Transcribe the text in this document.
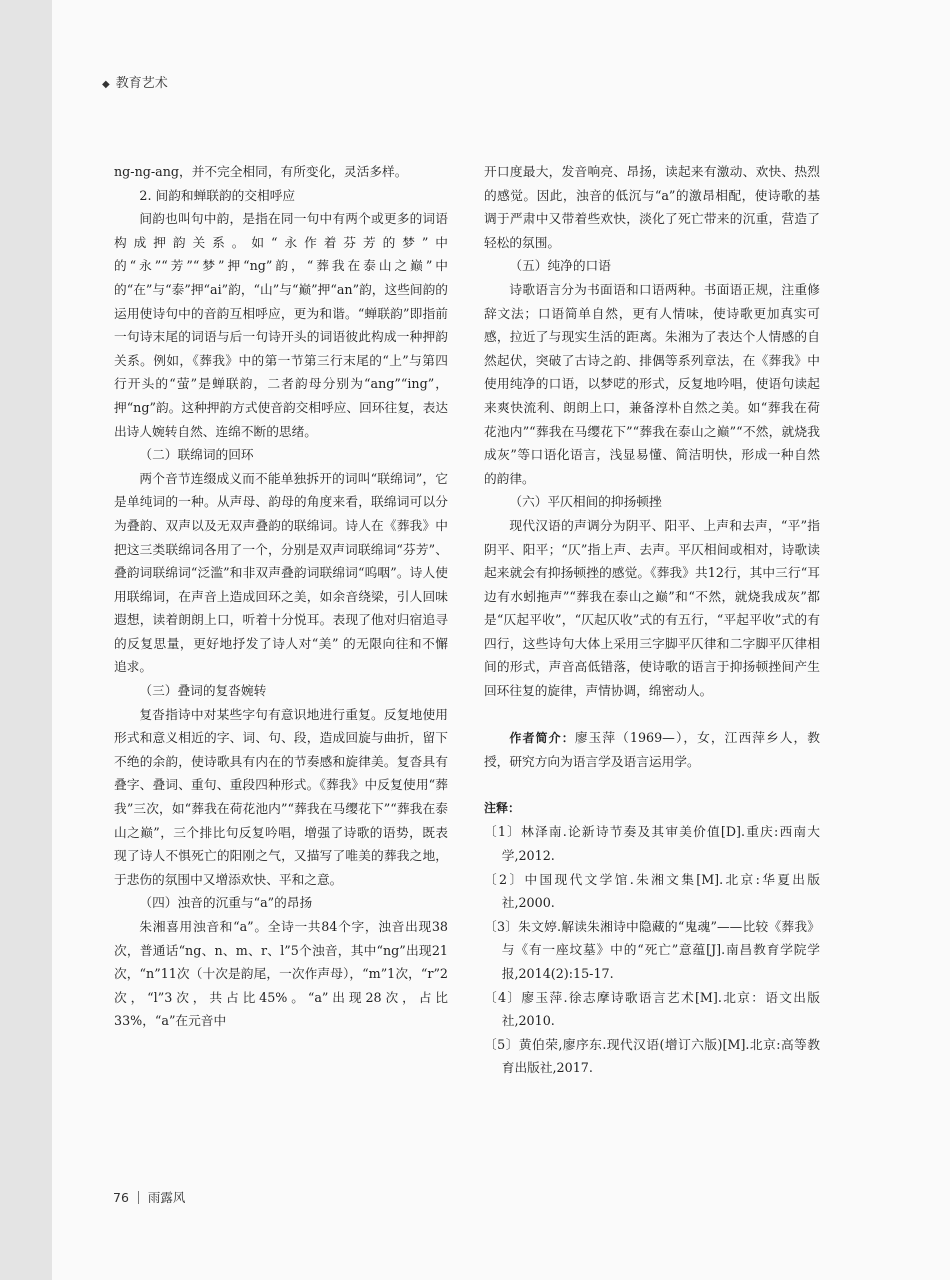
◆ 教育艺术

ng-ng-ang，并不完全相同，有所变化，灵活多样。

2. 间韵和蝉联韵的交相呼应

间韵也叫句中韵，是指在同一句中有两个或更多的词语构成押韵关系。如“永作着芬芳的梦”中的“永”“芳”“梦”押“ng”韵，“葬我在泰山之巅”中的“在”与“泰”押“ai”韵，“山”与“巅”押“an”韵，这些间韵的运用使诗句中的音韵互相呼应，更为和谐。“蝉联韵”即指前一句诗末尾的词语与后一句诗开头的词语彼此构成一种押韵关系。例如，《葬我》中的第一节第三行末尾的“上”与第四行开头的“萤”是蝉联韵，二者韵母分别为“ang”“ing”，押“ng”韵。这种押韵方式使音韵交相呼应、回环往复，表达出诗人婉转自然、连绵不断的思绪。

（二）联绵词的回环

两个音节连缀成义而不能单独拆开的词叫“联绵词”，它是单纯词的一种。从声母、韵母的角度来看，联绵词可以分为叠韵、双声以及无双声叠韵的联绵词。诗人在《葬我》中把这三类联绵词各用了一个，分别是双声词联绵词“芬芳”、叠韵词联绵词“泛滥”和非双声叠韵词联绵词“呜咽”。诗人使用联绵词，在声音上造成回环之美，如余音绕梁，引人回味遐想，读着朗朗上口，听着十分悦耳。表现了他对归宿追寻的反复思量，更好地抒发了诗人对“美” 的无限向往和不懈追求。

（三）叠词的复沓婉转

复沓指诗中对某些字句有意识地进行重复。反复地使用形式和意义相近的字、词、句、段，造成回旋与曲折，留下不绝的余韵，使诗歌具有内在的节奏感和旋律美。复沓具有叠字、叠词、重句、重段四种形式。《葬我》中反复使用“葬我”三次，如“葬我在荷花池内”“葬我在马缨花下”“葬我在泰山之巅”，三个排比句反复吟唱，增强了诗歌的语势，既表现了诗人不惧死亡的阳刚之气，又描写了唯美的葬我之地，于悲伤的氛围中又增添欢快、平和之意。

（四）浊音的沉重与“a”的昂扬

朱湘喜用浊音和“a”。全诗一共84个字，浊音出现38次，普通话“ng、n、m、r、l”5个浊音，其中“ng”出现21次，“n”11次（十次是韵尾，一次作声母），“m”1次，“r”2次，“l”3次，共占比45%。“a”出现28次，占比33%，“a”在元音中

开口度最大，发音响亮、昂扬，读起来有激动、欢快、热烈的感觉。因此，浊音的低沉与“a”的激昂相配，使诗歌的基调于严肃中又带着些欢快，淡化了死亡带来的沉重，营造了轻松的氛围。

（五）纯净的口语

诗歌语言分为书面语和口语两种。书面语正规，注重修辞文法；口语简单自然，更有人情味，使诗歌更加真实可感，拉近了与现实生活的距离。朱湘为了表达个人情感的自然起伏，突破了古诗之韵、排偶等系列章法，在《葬我》中使用纯净的口语，以梦呓的形式，反复地吟唱，使语句读起来爽快流利、朗朗上口，兼备淳朴自然之美。如“葬我在荷花池内”“葬我在马缨花下”“葬我在泰山之巅”“不然，就烧我成灰”等口语化语言，浅显易懂、简洁明快，形成一种自然的韵律。

（六）平仄相间的抑扬顿挫

现代汉语的声调分为阴平、阳平、上声和去声，“平”指阴平、阳平；“仄”指上声、去声。平仄相间或相对，诗歌读起来就会有抑扬顿挫的感觉。《葬我》共12行，其中三行“耳边有水蚓拖声”“葬我在泰山之巅”和“不然，就烧我成灰”都是“仄起平收”，“仄起仄收”式的有五行，“平起平收”式的有四行，这些诗句大体上采用三字脚平仄律和二字脚平仄律相间的形式，声音高低错落，使诗歌的语言于抑扬顿挫间产生回环往复的旋律，声情协调，绵密动人。

作者简介：廖玉萍（1969—），女，江西萍乡人，教授，研究方向为语言学及语言运用学。

注释：

〔1〕林泽南.论新诗节奏及其审美价值[D].重庆:西南大学,2012.

〔2〕中国现代文学馆.朱湘文集[M].北京:华夏出版社,2000.

〔3〕朱文婷.解读朱湘诗中隐藏的“鬼魂”——比较《葬我》与《有一座坟墓》中的“死亡”意蕴[J].南昌教育学院学报,2014(2):15-17.

〔4〕廖玉萍.徐志摩诗歌语言艺术[M].北京：语文出版社,2010.

〔5〕黄伯荣,廖序东.现代汉语(增订六版)[M].北京:高等教育出版社,2017.

76 雨露风
